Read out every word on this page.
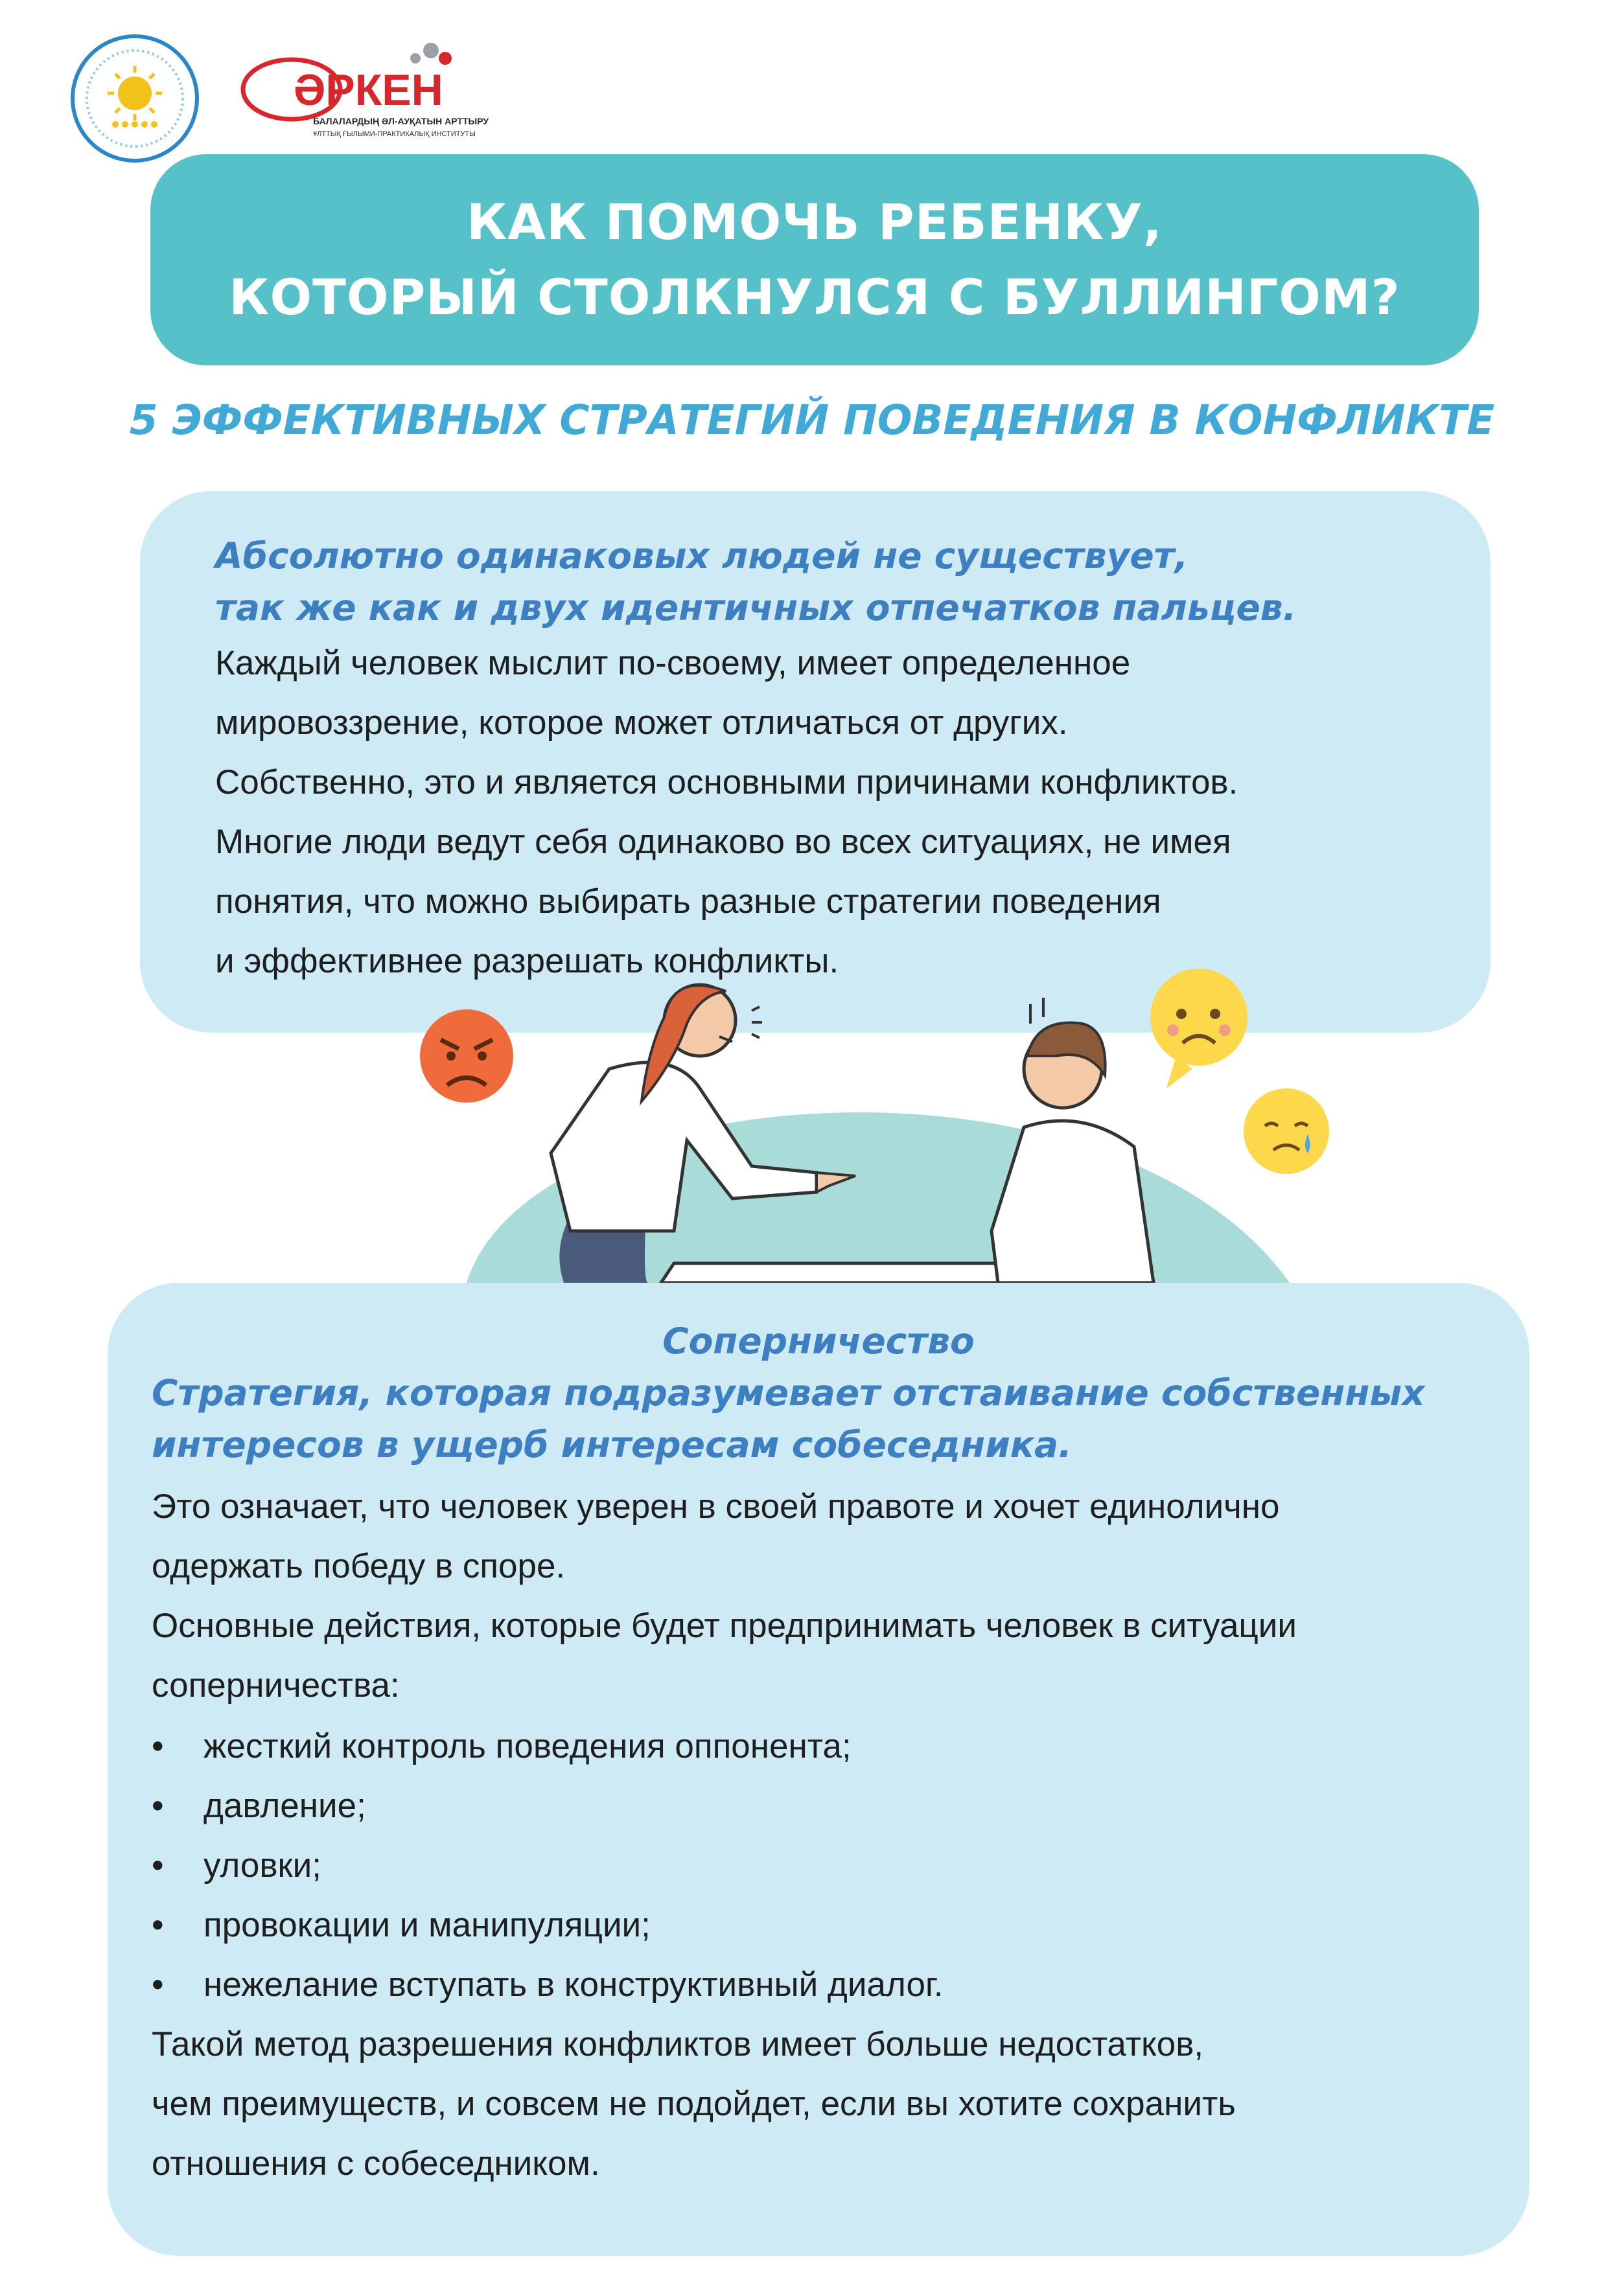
ӘРКЕН
БАЛАЛАРДЫҢ ӘЛ-АУҚАТЫН АРТТЫРУ
ҰЛТТЫҚ ҒЫЛЫМИ-ПРАКТИКАЛЫҚ ИНСТИТУТЫ
КАК ПОМОЧЬ РЕБЕНКУ,
КОТОРЫЙ СТОЛКНУЛСЯ С БУЛЛИНГОМ?
5 ЭФФЕКТИВНЫХ СТРАТЕГИЙ ПОВЕДЕНИЯ В КОНФЛИКТЕ
Абсолютно одинаковых людей не существует,
так же как и двух идентичных отпечатков пальцев.
Каждый человек мыслит по-своему, имеет определенное
мировоззрение, которое может отличаться от других.
Собственно, это и является основными причинами конфликтов.
Многие люди ведут себя одинаково во всех ситуациях, не имея
понятия, что можно выбирать разные стратегии поведения
и эффективнее разрешать конфликты.
Соперничество
Стратегия, которая подразумевает отстаивание собственных
интересов в ущерб интересам собеседника.
Это означает, что человек уверен в своей правоте и хочет единолично
одержать победу в споре.
Основные действия, которые будет предпринимать человек в ситуации
соперничества:
• жесткий контроль поведения оппонента;
• давление;
• уловки;
• провокации и манипуляции;
• нежелание вступать в конструктивный диалог.
Такой метод разрешения конфликтов имеет больше недостатков,
чем преимуществ, и совсем не подойдет, если вы хотите сохранить
отношения с собеседником.
